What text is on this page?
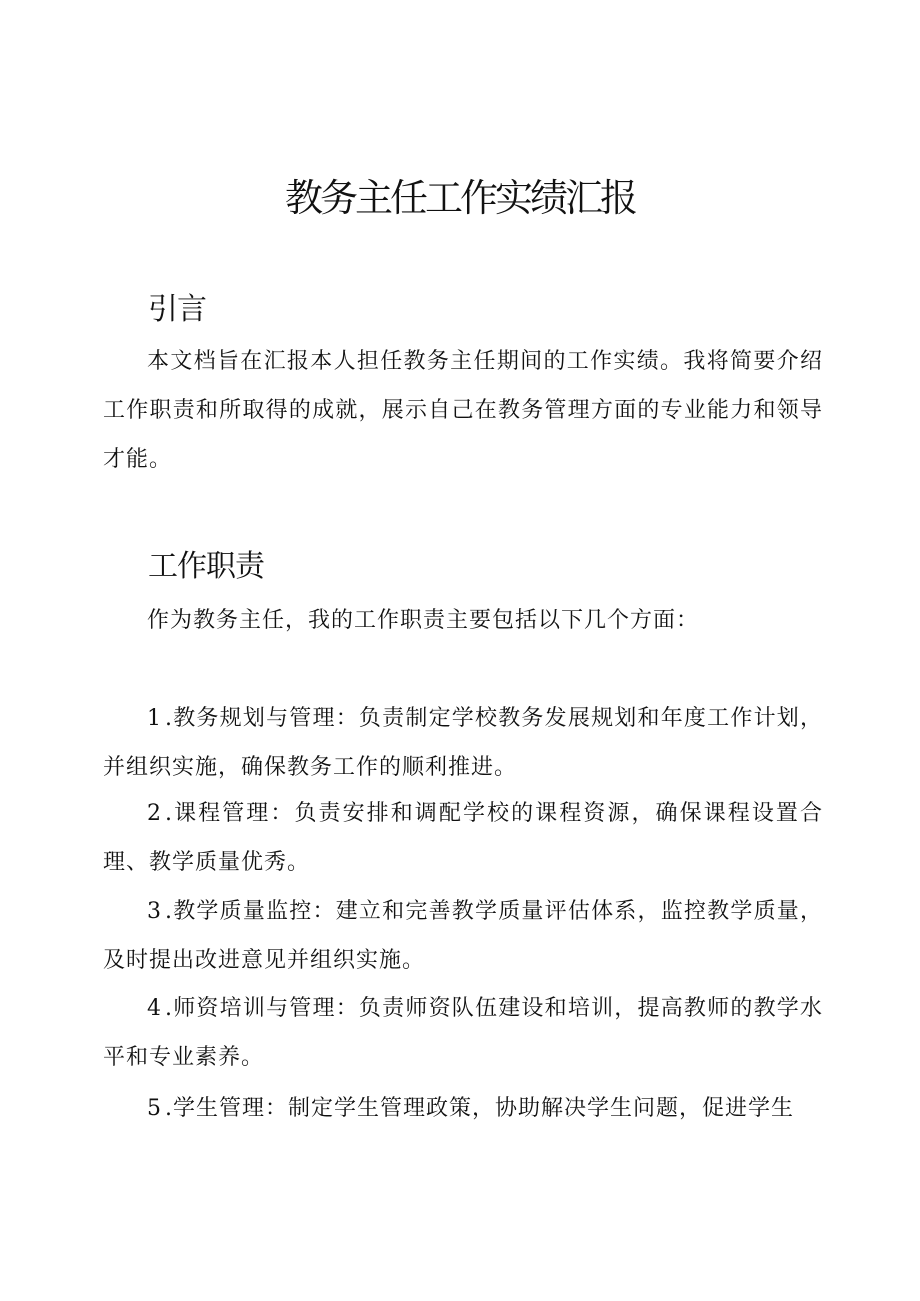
教务主任工作实绩汇报
引言

本文档旨在汇报本人担任教务主任期间的工作实绩。我将简要介绍工作职责和所取得的成就，展示自己在教务管理方面的专业能力和领导才能。

工作职责

作为教务主任，我的工作职责主要包括以下几个方面：

1.教务规划与管理：负责制定学校教务发展规划和年度工作计划，并组织实施，确保教务工作的顺利推进。

2.课程管理：负责安排和调配学校的课程资源，确保课程设置合理、教学质量优秀。

3.教学质量监控：建立和完善教学质量评估体系，监控教学质量，及时提出改进意见并组织实施。

4.师资培训与管理：负责师资队伍建设和培训，提高教师的教学水平和专业素养。

5.学生管理：制定学生管理政策，协助解决学生问题，促进学生
